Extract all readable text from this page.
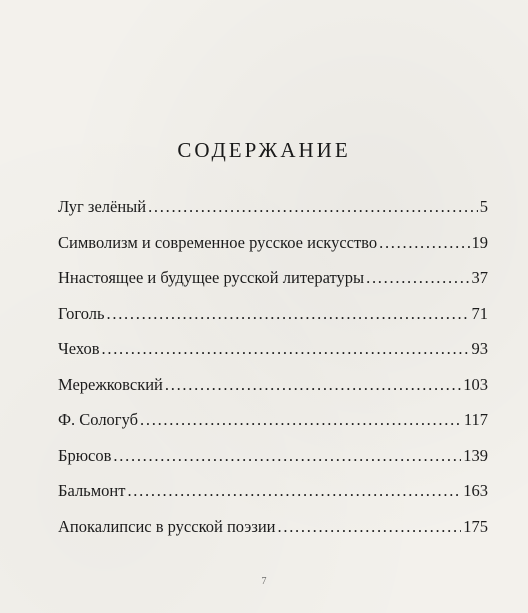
СОДЕРЖАНИЕ
Луг зелёный . . .	5
Символизм и современное русское искусство . . .	19
Ннастоящее и будущее русской литературы . . .	37
Гоголь . . .	71
Чехов . . .	93
Мережковский . . .	103
Ф. Сологуб . . .	117
Брюсов . . .	139
Бальмонт . . .	163
Апокалипсис в русской поэзии . . .	175
7
